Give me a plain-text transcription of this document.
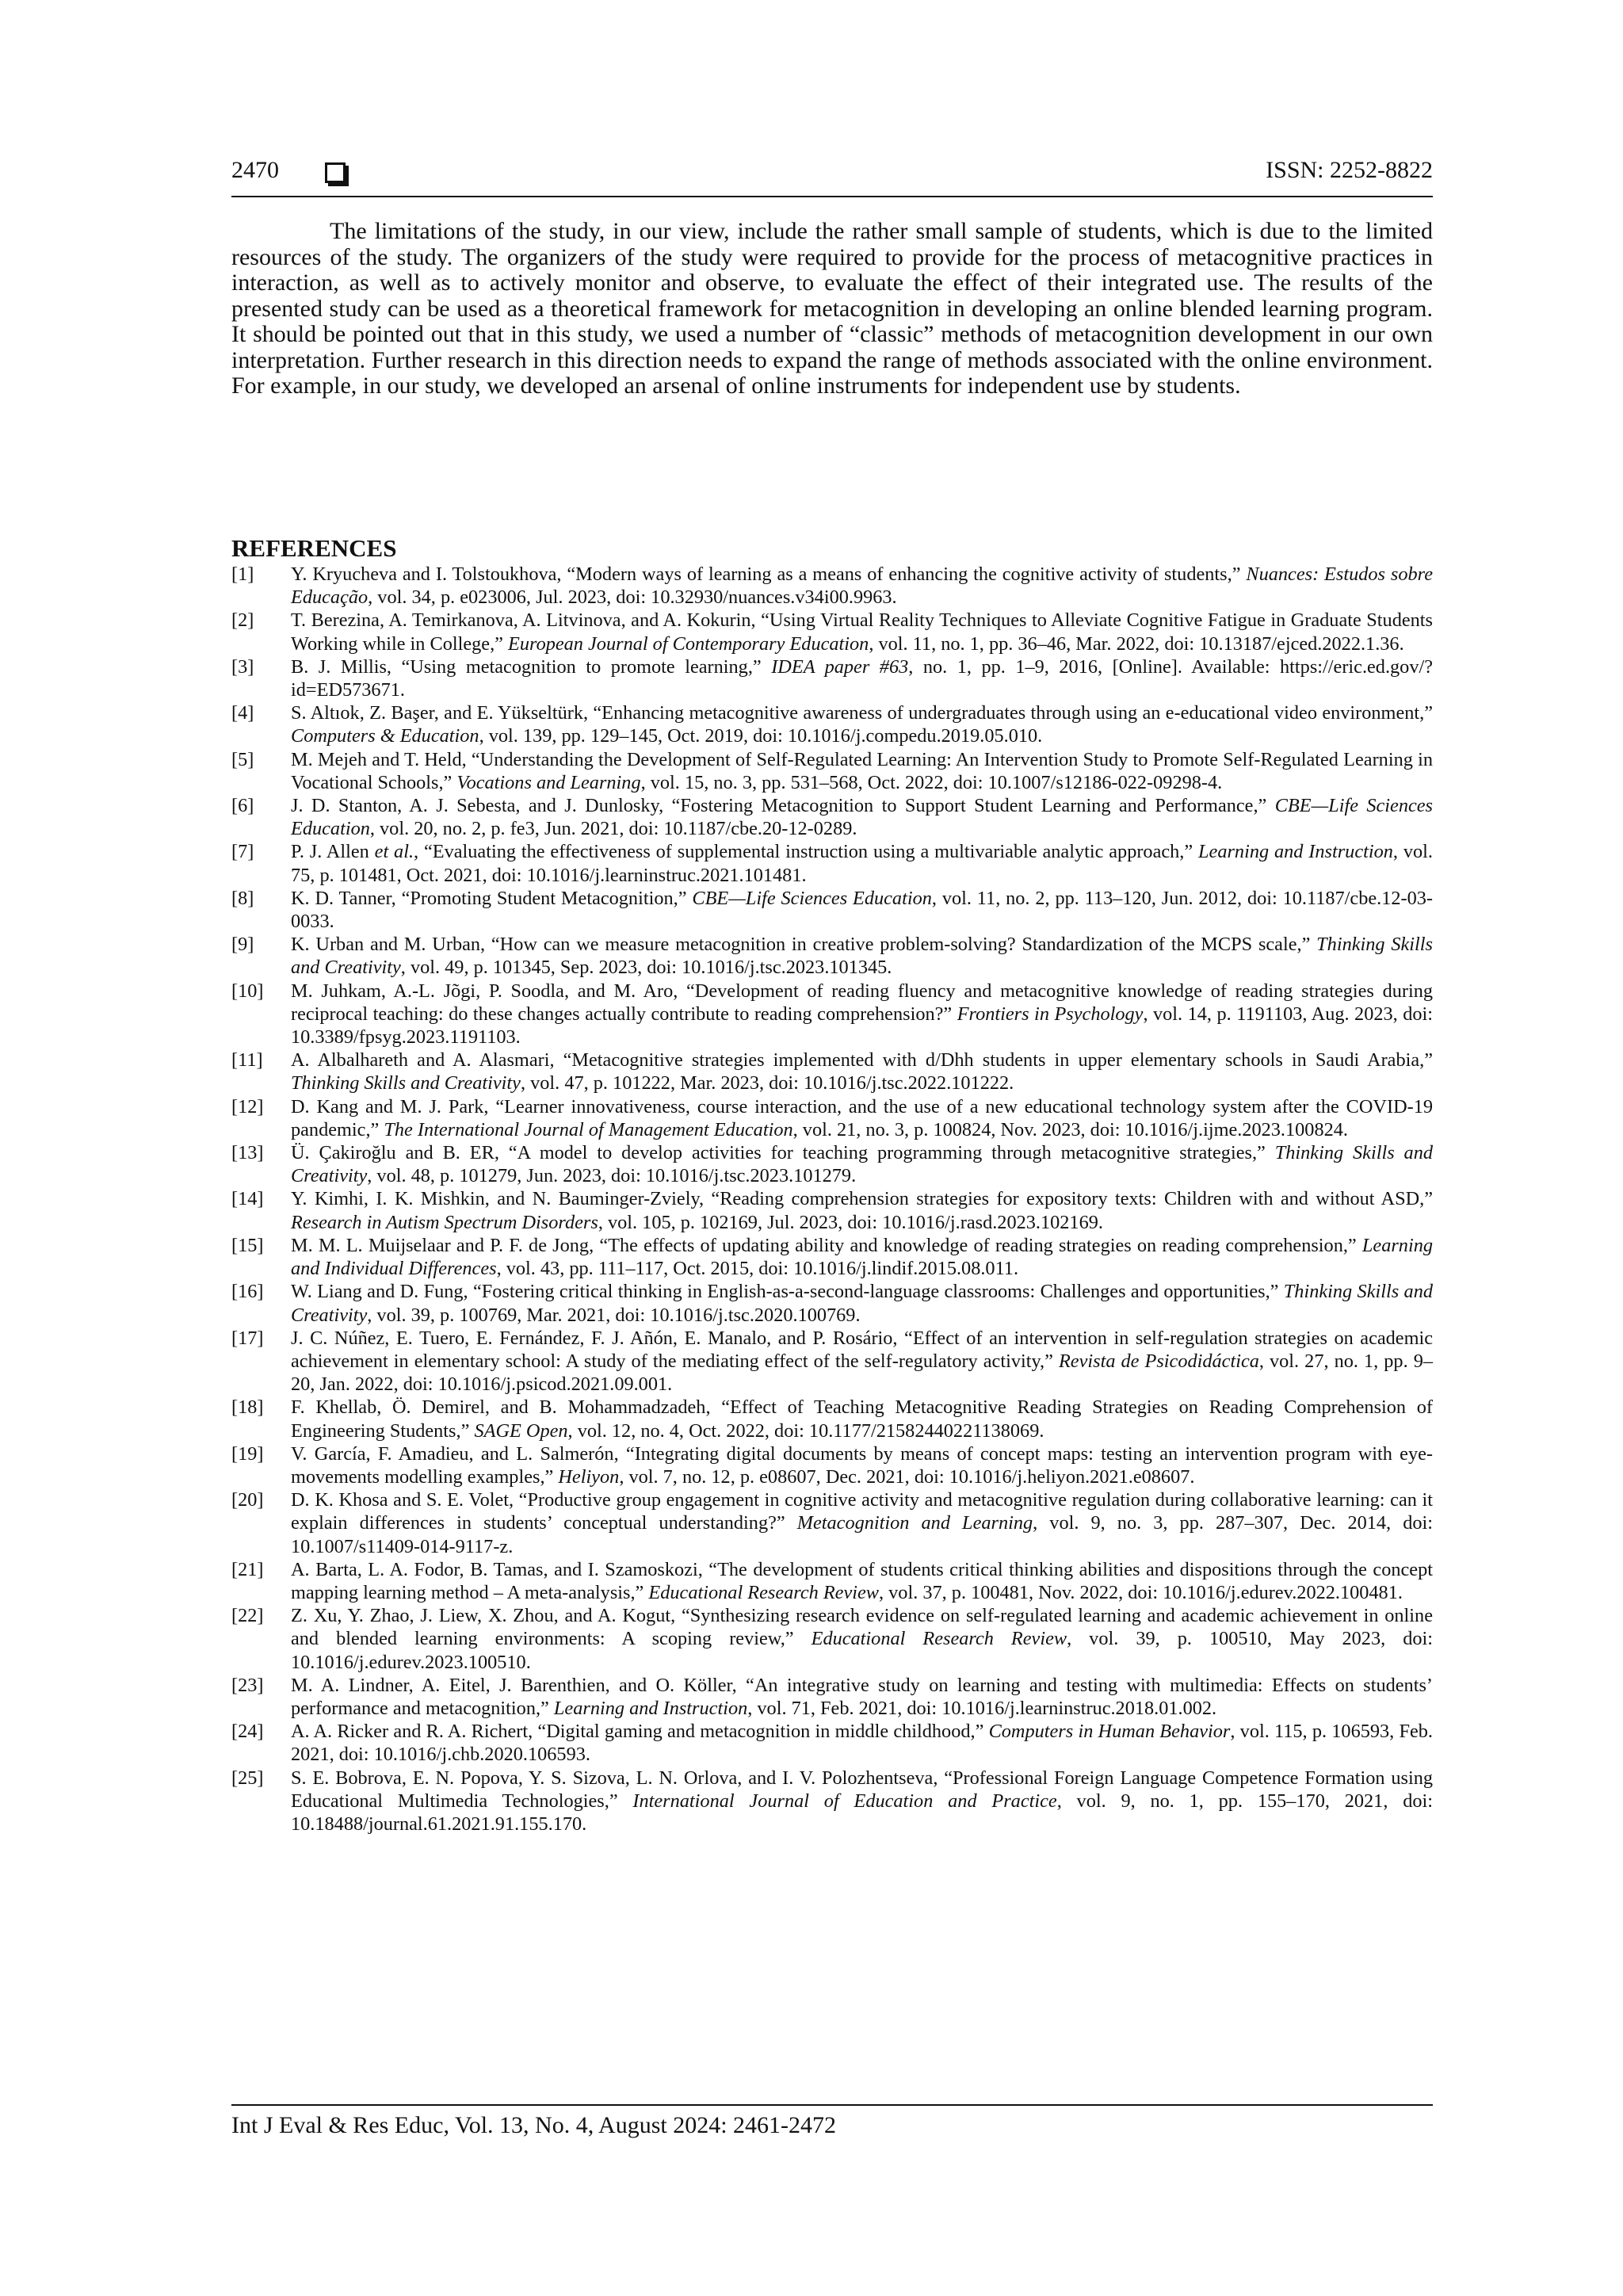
2470	ISSN: 2252-8822

The limitations of the study, in our view, include the rather small sample of students, which is due to the limited resources of the study. The organizers of the study were required to provide for the process of metacognitive practices in interaction, as well as to actively monitor and observe, to evaluate the effect of their integrated use. The results of the presented study can be used as a theoretical framework for metacognition in developing an online blended learning program. It should be pointed out that in this study, we used a number of “classic” methods of metacognition development in our own interpretation. Further research in this direction needs to expand the range of methods associated with the online environment. For example, in our study, we developed an arsenal of online instruments for independent use by students.

REFERENCES
[1] Y. Kryucheva and I. Tolstoukhova, “Modern ways of learning as a means of enhancing the cognitive activity of students,” Nuances: Estudos sobre Educação, vol. 34, p. e023006, Jul. 2023, doi: 10.32930/nuances.v34i00.9963.
[2] T. Berezina, A. Temirkanova, A. Litvinova, and A. Kokurin, “Using Virtual Reality Techniques to Alleviate Cognitive Fatigue in Graduate Students Working while in College,” European Journal of Contemporary Education, vol. 11, no. 1, pp. 36–46, Mar. 2022, doi: 10.13187/ejced.2022.1.36.
[3] B. J. Millis, “Using metacognition to promote learning,” IDEA paper #63, no. 1, pp. 1–9, 2016, [Online]. Available: https://eric.ed.gov/?id=ED573671.
[4] S. Altıok, Z. Başer, and E. Yükseltürk, “Enhancing metacognitive awareness of undergraduates through using an e-educational video environment,” Computers & Education, vol. 139, pp. 129–145, Oct. 2019, doi: 10.1016/j.compedu.2019.05.010.
[5] M. Mejeh and T. Held, “Understanding the Development of Self-Regulated Learning: An Intervention Study to Promote Self-Regulated Learning in Vocational Schools,” Vocations and Learning, vol. 15, no. 3, pp. 531–568, Oct. 2022, doi: 10.1007/s12186-022-09298-4.
[6] J. D. Stanton, A. J. Sebesta, and J. Dunlosky, “Fostering Metacognition to Support Student Learning and Performance,” CBE—Life Sciences Education, vol. 20, no. 2, p. fe3, Jun. 2021, doi: 10.1187/cbe.20-12-0289.
[7] P. J. Allen et al., “Evaluating the effectiveness of supplemental instruction using a multivariable analytic approach,” Learning and Instruction, vol. 75, p. 101481, Oct. 2021, doi: 10.1016/j.learninstruc.2021.101481.
[8] K. D. Tanner, “Promoting Student Metacognition,” CBE—Life Sciences Education, vol. 11, no. 2, pp. 113–120, Jun. 2012, doi: 10.1187/cbe.12-03-0033.
[9] K. Urban and M. Urban, “How can we measure metacognition in creative problem-solving? Standardization of the MCPS scale,” Thinking Skills and Creativity, vol. 49, p. 101345, Sep. 2023, doi: 10.1016/j.tsc.2023.101345.
[10] M. Juhkam, A.-L. Jõgi, P. Soodla, and M. Aro, “Development of reading fluency and metacognitive knowledge of reading strategies during reciprocal teaching: do these changes actually contribute to reading comprehension?” Frontiers in Psychology, vol. 14, p. 1191103, Aug. 2023, doi: 10.3389/fpsyg.2023.1191103.
[11] A. Albalhareth and A. Alasmari, “Metacognitive strategies implemented with d/Dhh students in upper elementary schools in Saudi Arabia,” Thinking Skills and Creativity, vol. 47, p. 101222, Mar. 2023, doi: 10.1016/j.tsc.2022.101222.
[12] D. Kang and M. J. Park, “Learner innovativeness, course interaction, and the use of a new educational technology system after the COVID-19 pandemic,” The International Journal of Management Education, vol. 21, no. 3, p. 100824, Nov. 2023, doi: 10.1016/j.ijme.2023.100824.
[13] Ü. Çakiroğlu and B. ER, “A model to develop activities for teaching programming through metacognitive strategies,” Thinking Skills and Creativity, vol. 48, p. 101279, Jun. 2023, doi: 10.1016/j.tsc.2023.101279.
[14] Y. Kimhi, I. K. Mishkin, and N. Bauminger-Zviely, “Reading comprehension strategies for expository texts: Children with and without ASD,” Research in Autism Spectrum Disorders, vol. 105, p. 102169, Jul. 2023, doi: 10.1016/j.rasd.2023.102169.
[15] M. M. L. Muijselaar and P. F. de Jong, “The effects of updating ability and knowledge of reading strategies on reading comprehension,” Learning and Individual Differences, vol. 43, pp. 111–117, Oct. 2015, doi: 10.1016/j.lindif.2015.08.011.
[16] W. Liang and D. Fung, “Fostering critical thinking in English-as-a-second-language classrooms: Challenges and opportunities,” Thinking Skills and Creativity, vol. 39, p. 100769, Mar. 2021, doi: 10.1016/j.tsc.2020.100769.
[17] J. C. Núñez, E. Tuero, E. Fernández, F. J. Añón, E. Manalo, and P. Rosário, “Effect of an intervention in self-regulation strategies on academic achievement in elementary school: A study of the mediating effect of the self-regulatory activity,” Revista de Psicodidáctica, vol. 27, no. 1, pp. 9–20, Jan. 2022, doi: 10.1016/j.psicod.2021.09.001.
[18] F. Khellab, Ö. Demirel, and B. Mohammadzadeh, “Effect of Teaching Metacognitive Reading Strategies on Reading Comprehension of Engineering Students,” SAGE Open, vol. 12, no. 4, Oct. 2022, doi: 10.1177/21582440221138069.
[19] V. García, F. Amadieu, and L. Salmerón, “Integrating digital documents by means of concept maps: testing an intervention program with eye-movements modelling examples,” Heliyon, vol. 7, no. 12, p. e08607, Dec. 2021, doi: 10.1016/j.heliyon.2021.e08607.
[20] D. K. Khosa and S. E. Volet, “Productive group engagement in cognitive activity and metacognitive regulation during collaborative learning: can it explain differences in students’ conceptual understanding?” Metacognition and Learning, vol. 9, no. 3, pp. 287–307, Dec. 2014, doi: 10.1007/s11409-014-9117-z.
[21] A. Barta, L. A. Fodor, B. Tamas, and I. Szamoskozi, “The development of students critical thinking abilities and dispositions through the concept mapping learning method – A meta-analysis,” Educational Research Review, vol. 37, p. 100481, Nov. 2022, doi: 10.1016/j.edurev.2022.100481.
[22] Z. Xu, Y. Zhao, J. Liew, X. Zhou, and A. Kogut, “Synthesizing research evidence on self-regulated learning and academic achievement in online and blended learning environments: A scoping review,” Educational Research Review, vol. 39, p. 100510, May 2023, doi: 10.1016/j.edurev.2023.100510.
[23] M. A. Lindner, A. Eitel, J. Barenthien, and O. Köller, “An integrative study on learning and testing with multimedia: Effects on students’ performance and metacognition,” Learning and Instruction, vol. 71, Feb. 2021, doi: 10.1016/j.learninstruc.2018.01.002.
[24] A. A. Ricker and R. A. Richert, “Digital gaming and metacognition in middle childhood,” Computers in Human Behavior, vol. 115, p. 106593, Feb. 2021, doi: 10.1016/j.chb.2020.106593.
[25] S. E. Bobrova, E. N. Popova, Y. S. Sizova, L. N. Orlova, and I. V. Polozhentseva, “Professional Foreign Language Competence Formation using Educational Multimedia Technologies,” International Journal of Education and Practice, vol. 9, no. 1, pp. 155–170, 2021, doi: 10.18488/journal.61.2021.91.155.170.
Int J Eval & Res Educ, Vol. 13, No. 4, August 2024: 2461-2472
